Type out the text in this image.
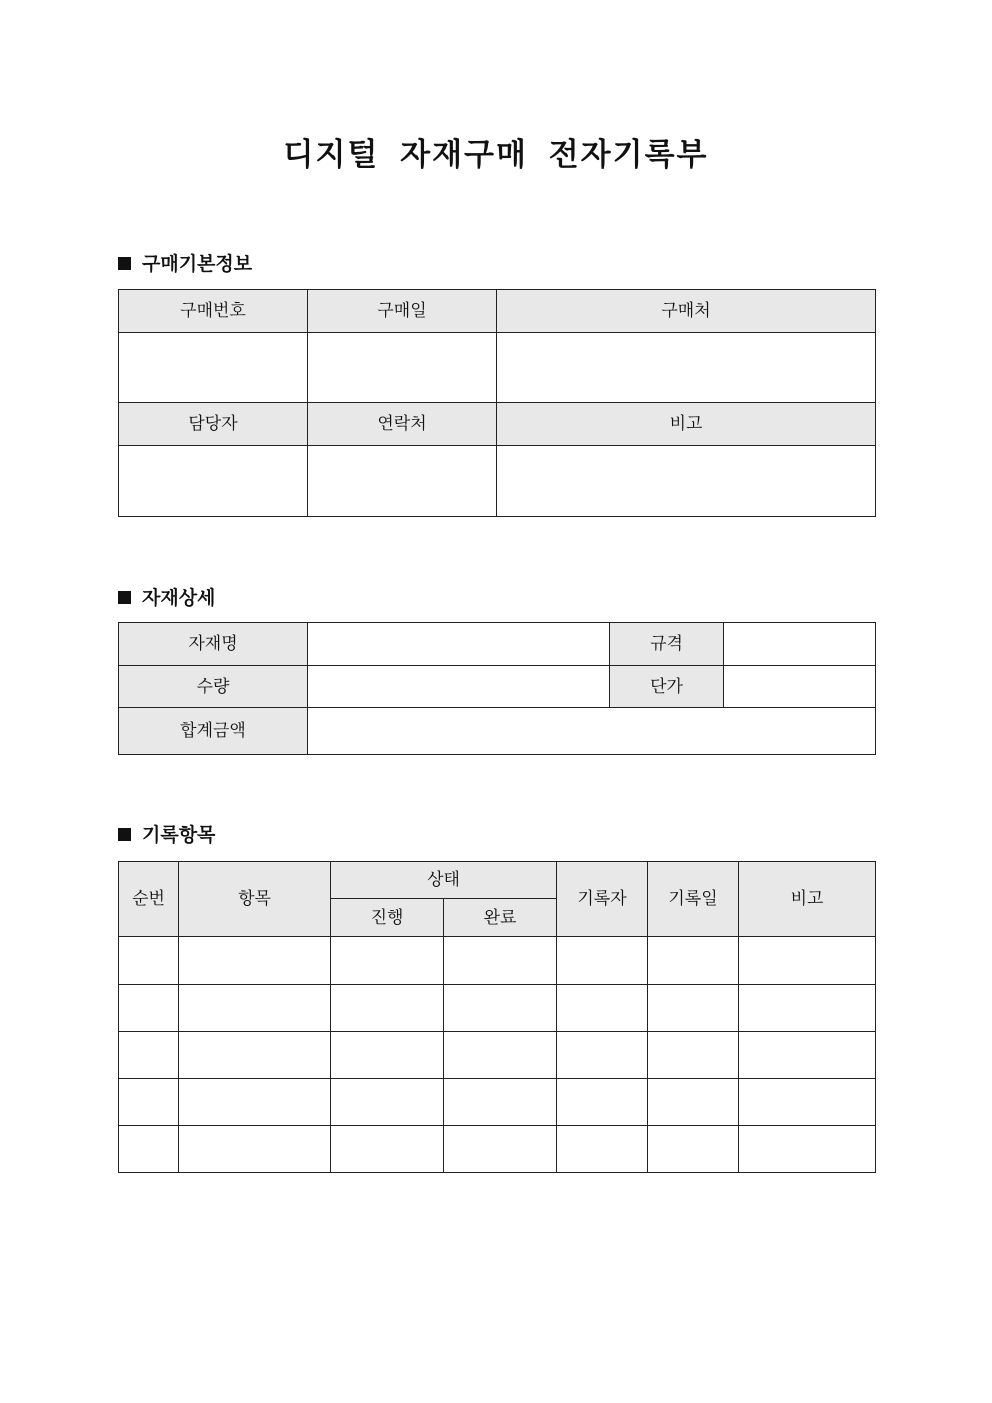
디지털 자재구매 전자기록부
구매기본정보
구매번호	구매일	구매처

담당자	연락처	비고

자재상세
자재명		규격	
수량		단가	
합계금액			
기록항목
순번	항목	상태		기록자	기록일	비고
		진행	완료			
